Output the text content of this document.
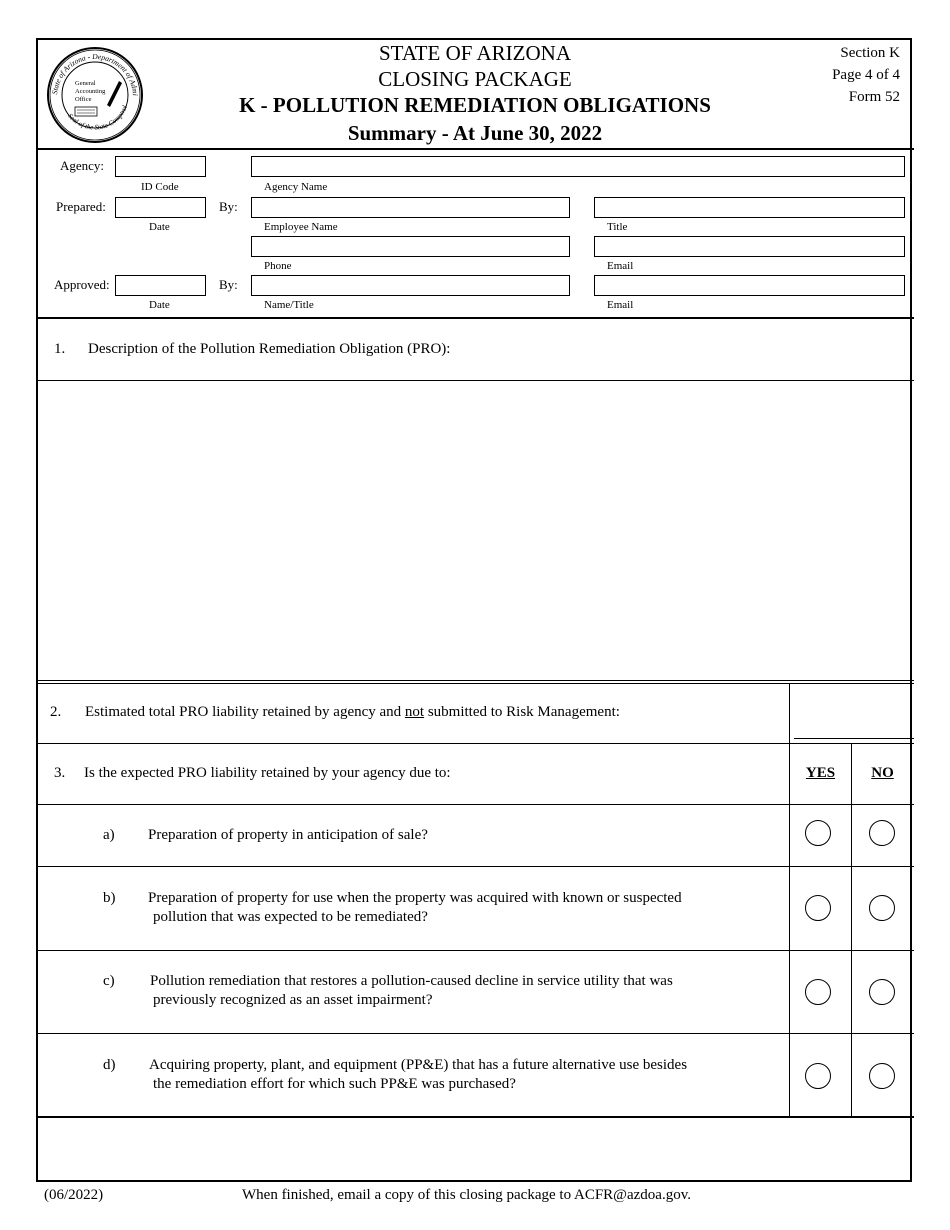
State of Arizona - Department of Admi
Seal of the State Comptrol
General
Accounting
Office
STATE OF ARIZONA
CLOSING PACKAGE
K - POLLUTION REMEDIATION OBLIGATIONS
Summary - At June 30, 2022
Section K
Page 4 of 4
Form 52
Agency:
ID Code	Agency Name
Prepared:	By:
Date	Employee Name	Title
Phone	Email
Approved:	By:
Date	Name/Title	Email
1. Description of the Pollution Remediation Obligation (PRO):
2. Estimated total PRO liability retained by agency and not submitted to Risk Management:
3. Is the expected PRO liability retained by your agency due to:	YES	NO
a) Preparation of property in anticipation of sale?
b) Preparation of property for use when the property was acquired with known or suspected
pollution that was expected to be remediated?
c) Pollution remediation that restores a pollution-caused decline in service utility that was
previously recognized as an asset impairment?
d) Acquiring property, plant, and equipment (PP&E) that has a future alternative use besides
the remediation effort for which such PP&E was purchased?
(06/2022)	When finished, email a copy of this closing package to ACFR@azdoa.gov.
